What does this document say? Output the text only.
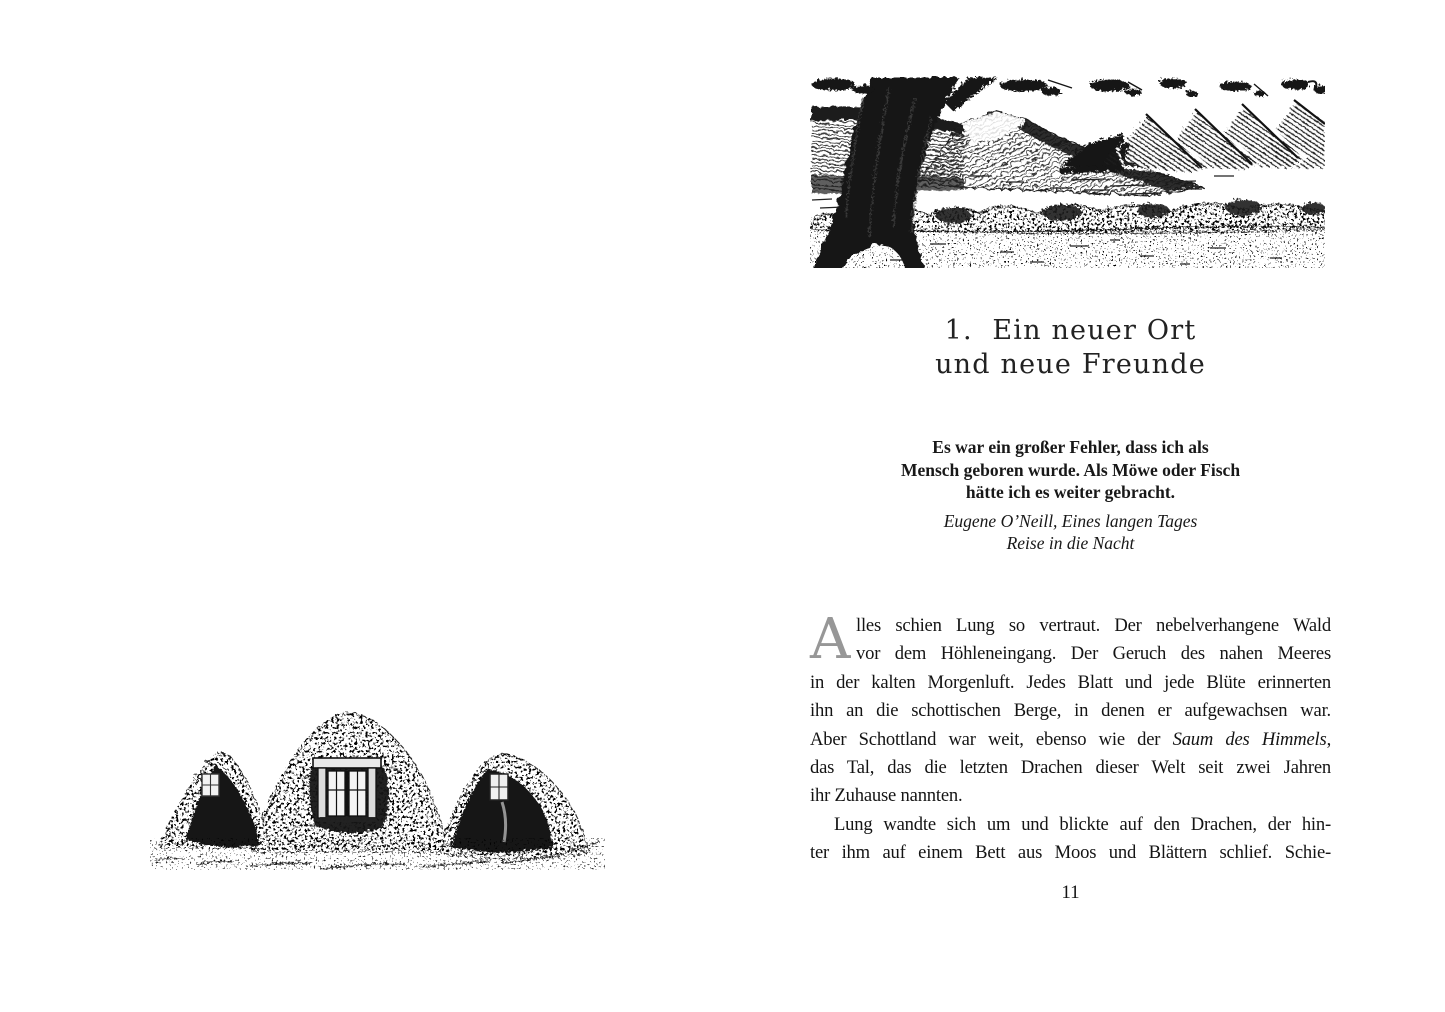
1.  Ein neuer Ort
und neue Freunde
Es war ein großer Fehler, dass ich als
Mensch geboren wurde. Als Möwe oder Fisch
hätte ich es weiter gebracht.
Eugene O’Neill, Eines langen Tages
Reise in die Nacht
A lles schien Lung so vertraut. Der nebelverhangene Wald
vor dem Höhleneingang. Der Geruch des nahen Meeres
in der kalten Morgenluft. Jedes Blatt und jede Blüte erinnerten
ihn an die schottischen Berge, in denen er aufgewachsen war.
Aber Schottland war weit, ebenso wie der Saum des Himmels,
das Tal, das die letzten Drachen dieser Welt seit zwei Jahren
ihr Zuhause nannten.
Lung wandte sich um und blickte auf den Drachen, der hin-
ter ihm auf einem Bett aus Moos und Blättern schlief. Schie-
11
